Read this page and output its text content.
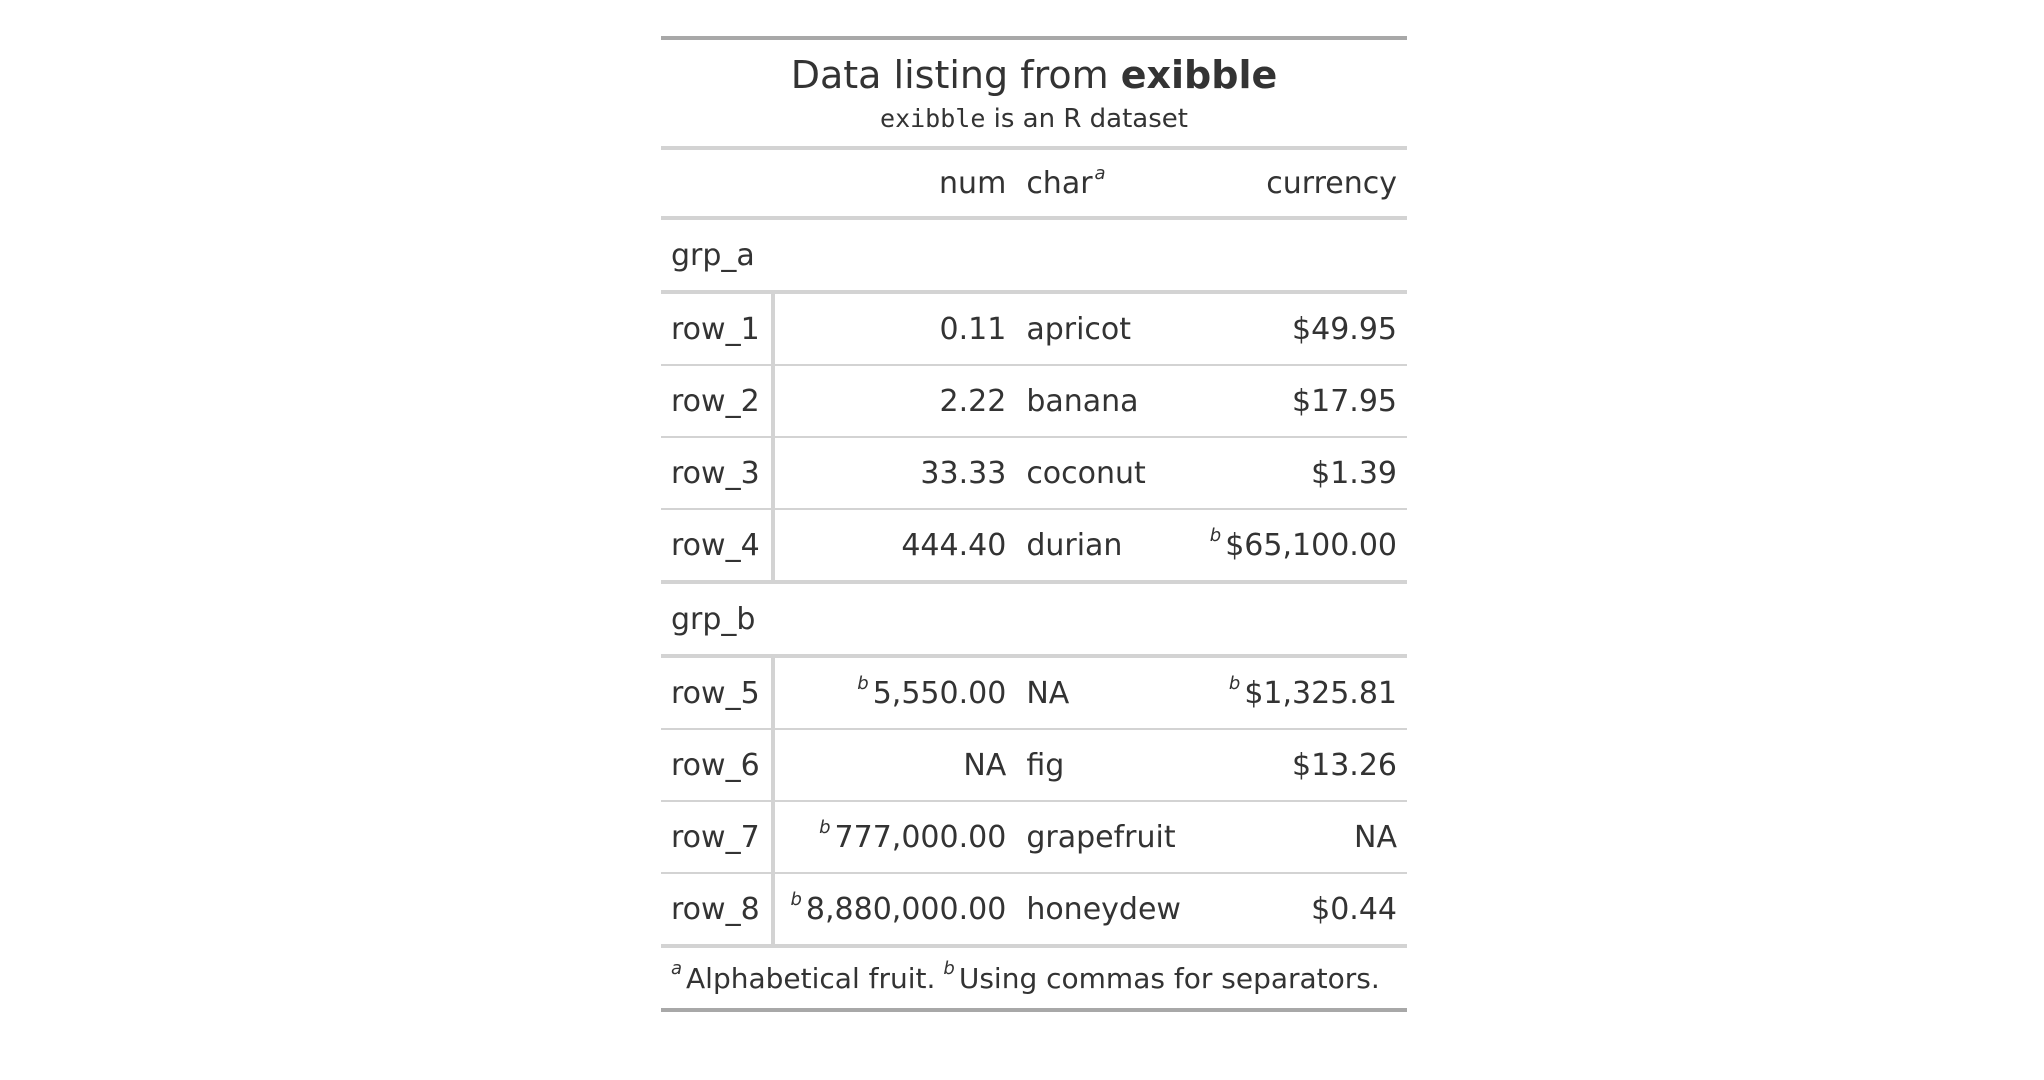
Data listing from exibble			
exibble is an R dataset			
	num	char $^a$	currency
grp_a			
row_1	0.11	apricot	$49.95
row_2	2.22	banana	$17.95
row_3	33.33	coconut	$1.39
row_4	444.40	durian	$^b$ $65,100.00
grp_b			
row_5	$^b$ 5,550.00	NA	$^b$ $1,325.81
row_6	NA	fig	$13.26
row_7	$^b$ 777,000.00	grapefruit	NA
row_8	$^b$ 8,880,000.00	honeydew	$0.44
$^a$ Alphabetical fruit. $^b$ Using commas for separators.			
